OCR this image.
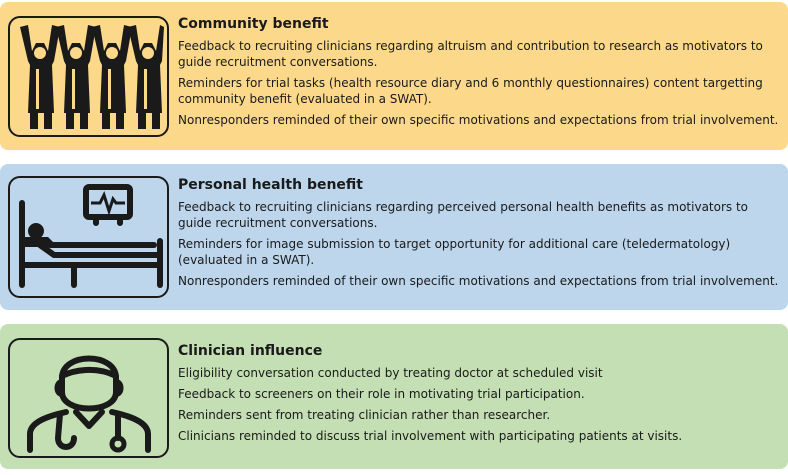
Community benefit
Feedback to recruiting clinicians regarding altruism and contribution to research as motivators to guide recruitment conversations.
Reminders for trial tasks (health resource diary and 6 monthly questionnaires) content targetting community benefit (evaluated in a SWAT).
Nonresponders reminded of their own specific motivations and expectations from trial involvement.
Personal health benefit
Feedback to recruiting clinicians regarding perceived personal health benefits as motivators to guide recruitment conversations.
Reminders for image submission to target opportunity for additional care (teledermatology) (evaluated in a SWAT).
Nonresponders reminded of their own specific motivations and expectations from trial involvement.
Clinician influence
Eligibility conversation conducted by treating doctor at scheduled visit
Feedback to screeners on their role in motivating trial participation.
Reminders sent from treating clinician rather than researcher.
Clinicians reminded to discuss trial involvement with participating patients at visits.
